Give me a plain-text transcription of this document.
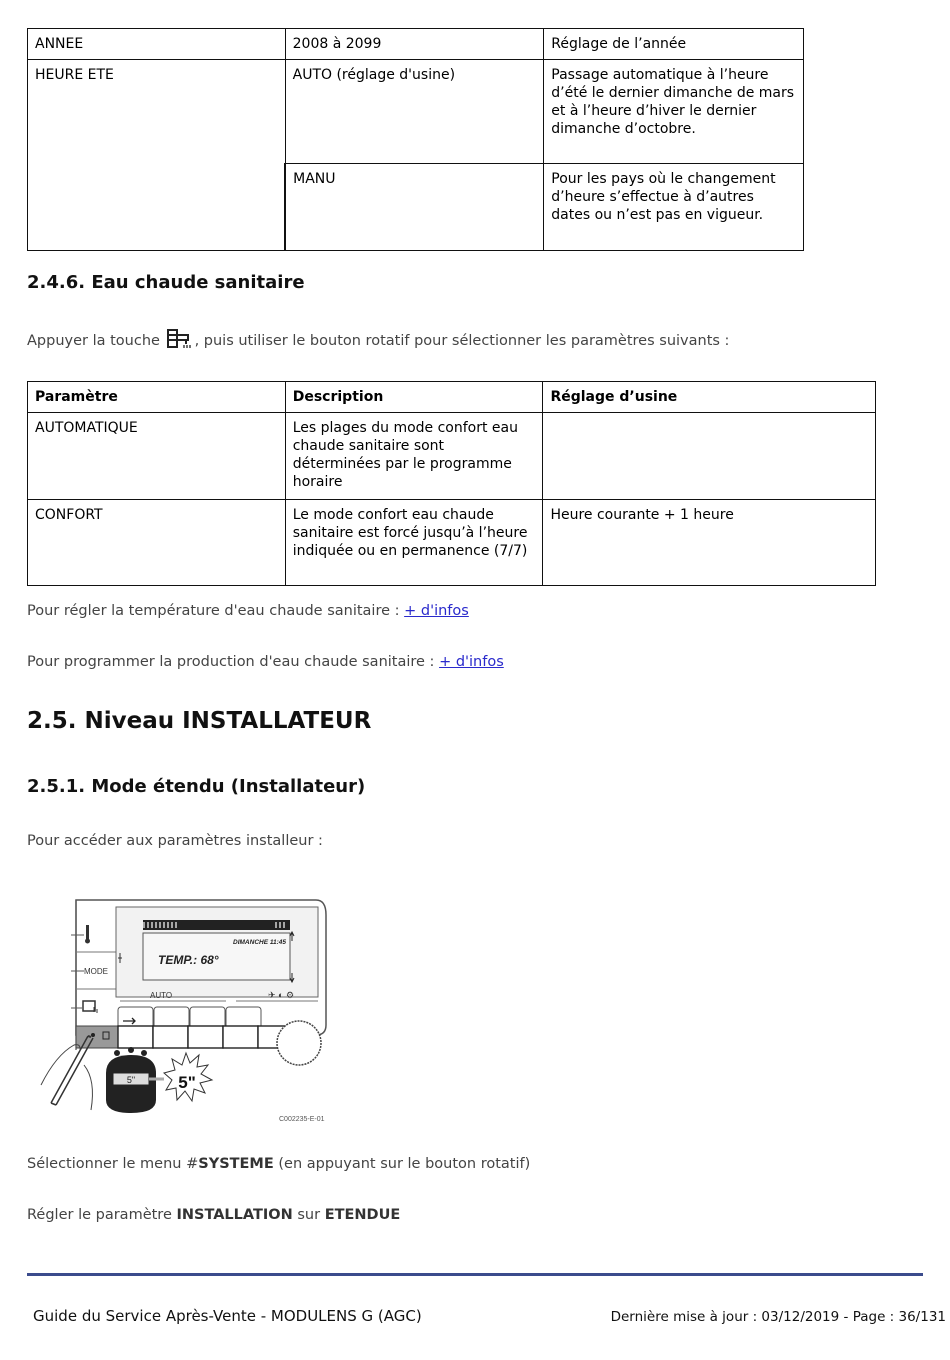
ANNEE	2008 à 2099	Réglage de l’année
HEURE ETE	AUTO (réglage d'usine)	Passage automatique à l’heure d’été le dernier dimanche de mars et à l’heure d’hiver le dernier dimanche d’octobre.
	MANU	Pour les pays où le changement d’heure s’effectue à d’autres dates ou n’est pas en vigueur.
2.4.6. Eau chaude sanitaire
Appuyer la touche , puis utiliser le bouton rotatif pour sélectionner les paramètres suivants :
Paramètre	Description	Réglage d’usine
AUTOMATIQUE	Les plages du mode confort eau chaude sanitaire sont déterminées par le programme horaire	
CONFORT	Le mode confort eau chaude sanitaire est forcé jusqu’à l’heure indiquée ou en permanence (7/7)	Heure courante + 1 heure
Pour régler la température d'eau chaude sanitaire : + d'infos
Pour programmer la production d'eau chaude sanitaire : + d'infos
2.5. Niveau INSTALLATEUR
2.5.1. Mode étendu (Installateur)
Pour accéder aux paramètres installeur :
MODE
DIMANCHE 11:45
TEMP.: 68°
AUTO	✈ ◐ ⚙
5"	5"
C002235-E-01
Sélectionner le menu #SYSTEME (en appuyant sur le bouton rotatif)
Régler le paramètre INSTALLATION sur ETENDUE
Guide du Service Après-Vente - MODULENS G (AGC)	Dernière mise à jour : 03/12/2019 - Page : 36/131
